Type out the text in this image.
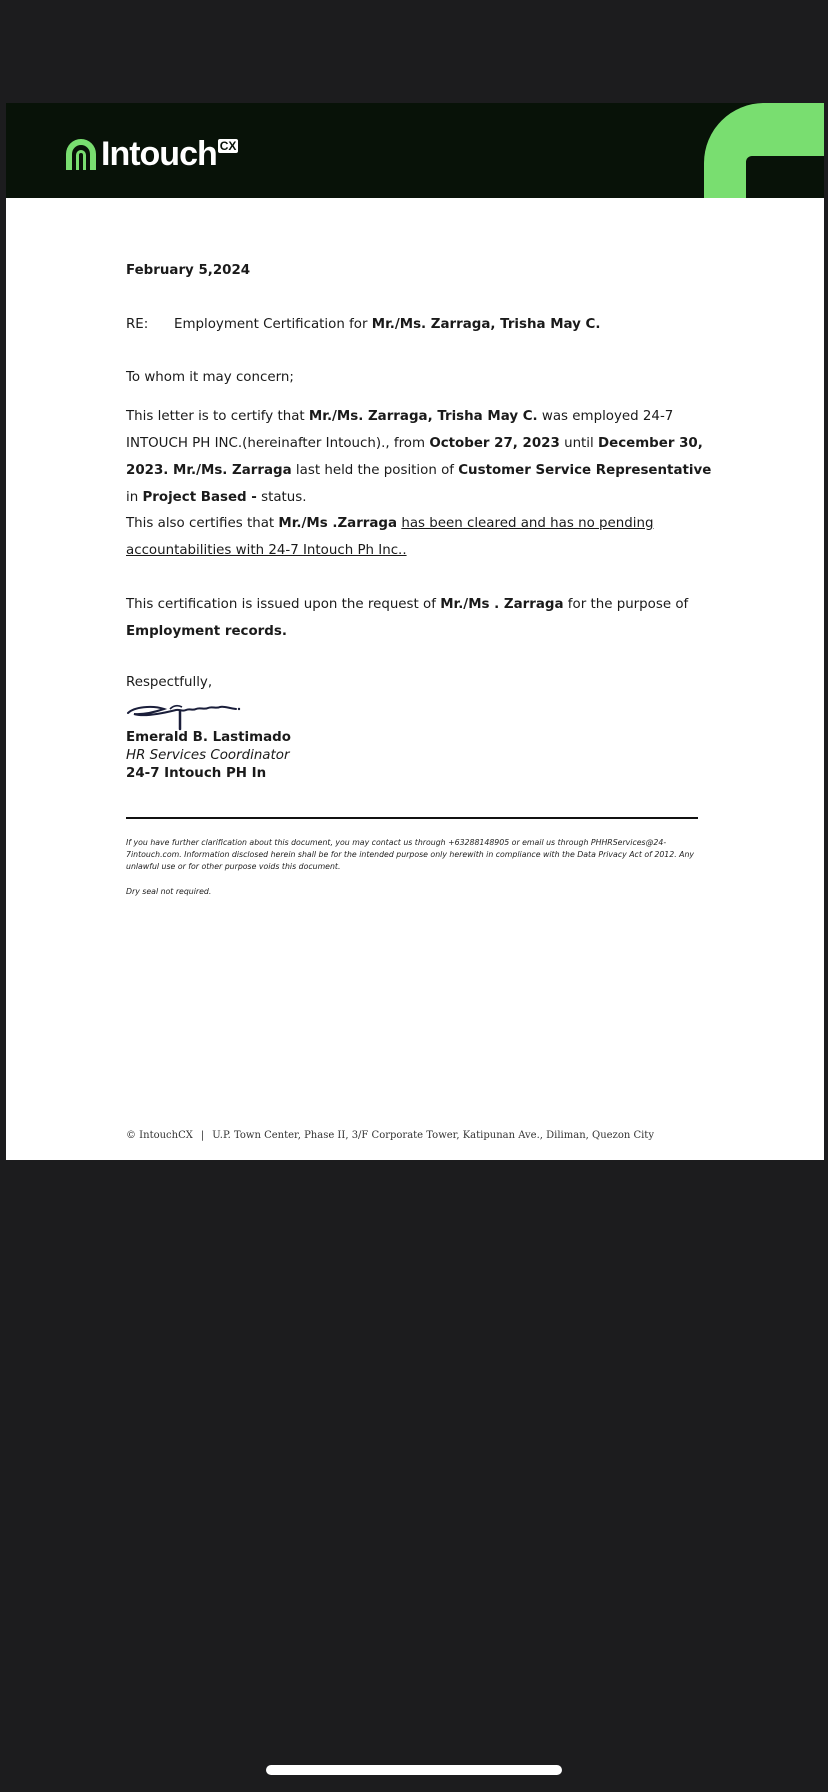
Intouch CX
February 5,2024
RE: Employment Certification for Mr./Ms. Zarraga, Trisha May C.
To whom it may concern;
This letter is to certify that Mr./Ms. Zarraga, Trisha May C. was employed 24-7 INTOUCH PH INC.(hereinafter Intouch)., from October 27, 2023 until December 30, 2023. Mr./Ms. Zarraga last held the position of Customer Service Representative in Project Based - status.
This also certifies that Mr./Ms .Zarraga has been cleared and has no pending accountabilities with 24-7 Intouch Ph Inc..
This certification is issued upon the request of Mr./Ms . Zarraga for the purpose of Employment records.
Respectfully,
Emerald B. Lastimado
HR Services Coordinator
24-7 Intouch PH In
If you have further clarification about this document, you may contact us through +63288148905 or email us through PHHRServices@24-7intouch.com. Information disclosed herein shall be for the intended purpose only herewith in compliance with the Data Privacy Act of 2012. Any unlawful use or for other purpose voids this document.
Dry seal not required.
© IntouchCX | U.P. Town Center, Phase II, 3/F Corporate Tower, Katipunan Ave., Diliman, Quezon City
